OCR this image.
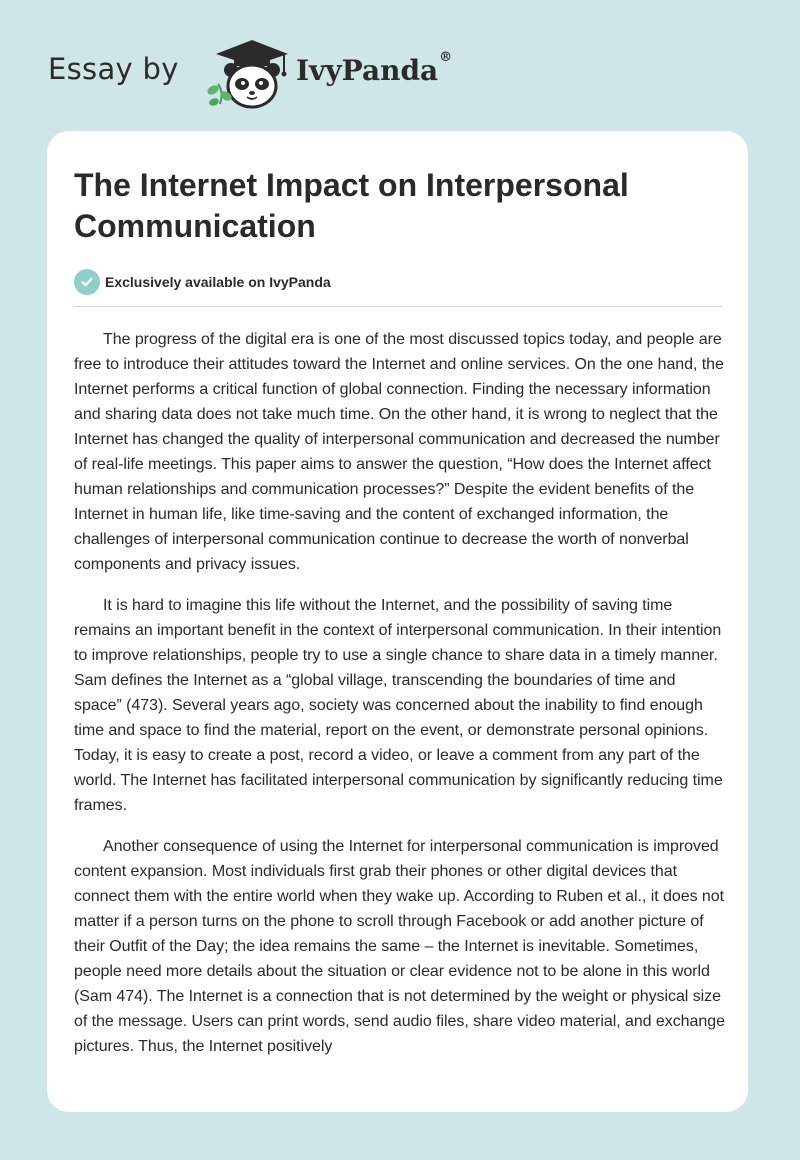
Essay by	IvyPanda®
The Internet Impact on Interpersonal Communication
Exclusively available on IvyPanda

The progress of the digital era is one of the most discussed topics today, and people are free to introduce their attitudes toward the Internet and online services. On the one hand, the Internet performs a critical function of global connection. Finding the necessary information and sharing data does not take much time. On the other hand, it is wrong to neglect that the Internet has changed the quality of interpersonal communication and decreased the number of real-life meetings. This paper aims to answer the question, “How does the Internet affect human relationships and communication processes?” Despite the evident benefits of the Internet in human life, like time-saving and the content of exchanged information, the challenges of interpersonal communication continue to decrease the worth of nonverbal components and privacy issues.

It is hard to imagine this life without the Internet, and the possibility of saving time remains an important benefit in the context of interpersonal communication. In their intention to improve relationships, people try to use a single chance to share data in a timely manner. Sam defines the Internet as a “global village, transcending the boundaries of time and space” (473). Several years ago, society was concerned about the inability to find enough time and space to find the material, report on the event, or demonstrate personal opinions. Today, it is easy to create a post, record a video, or leave a comment from any part of the world. The Internet has facilitated interpersonal communication by significantly reducing time frames.

Another consequence of using the Internet for interpersonal communication is improved content expansion. Most individuals first grab their phones or other digital devices that connect them with the entire world when they wake up. According to Ruben et al., it does not matter if a person turns on the phone to scroll through Facebook or add another picture of their Outfit of the Day; the idea remains the same – the Internet is inevitable. Sometimes, people need more details about the situation or clear evidence not to be alone in this world (Sam 474). The Internet is a connection that is not determined by the weight or physical size of the message. Users can print words, send audio files, share video material, and exchange pictures. Thus, the Internet positively
